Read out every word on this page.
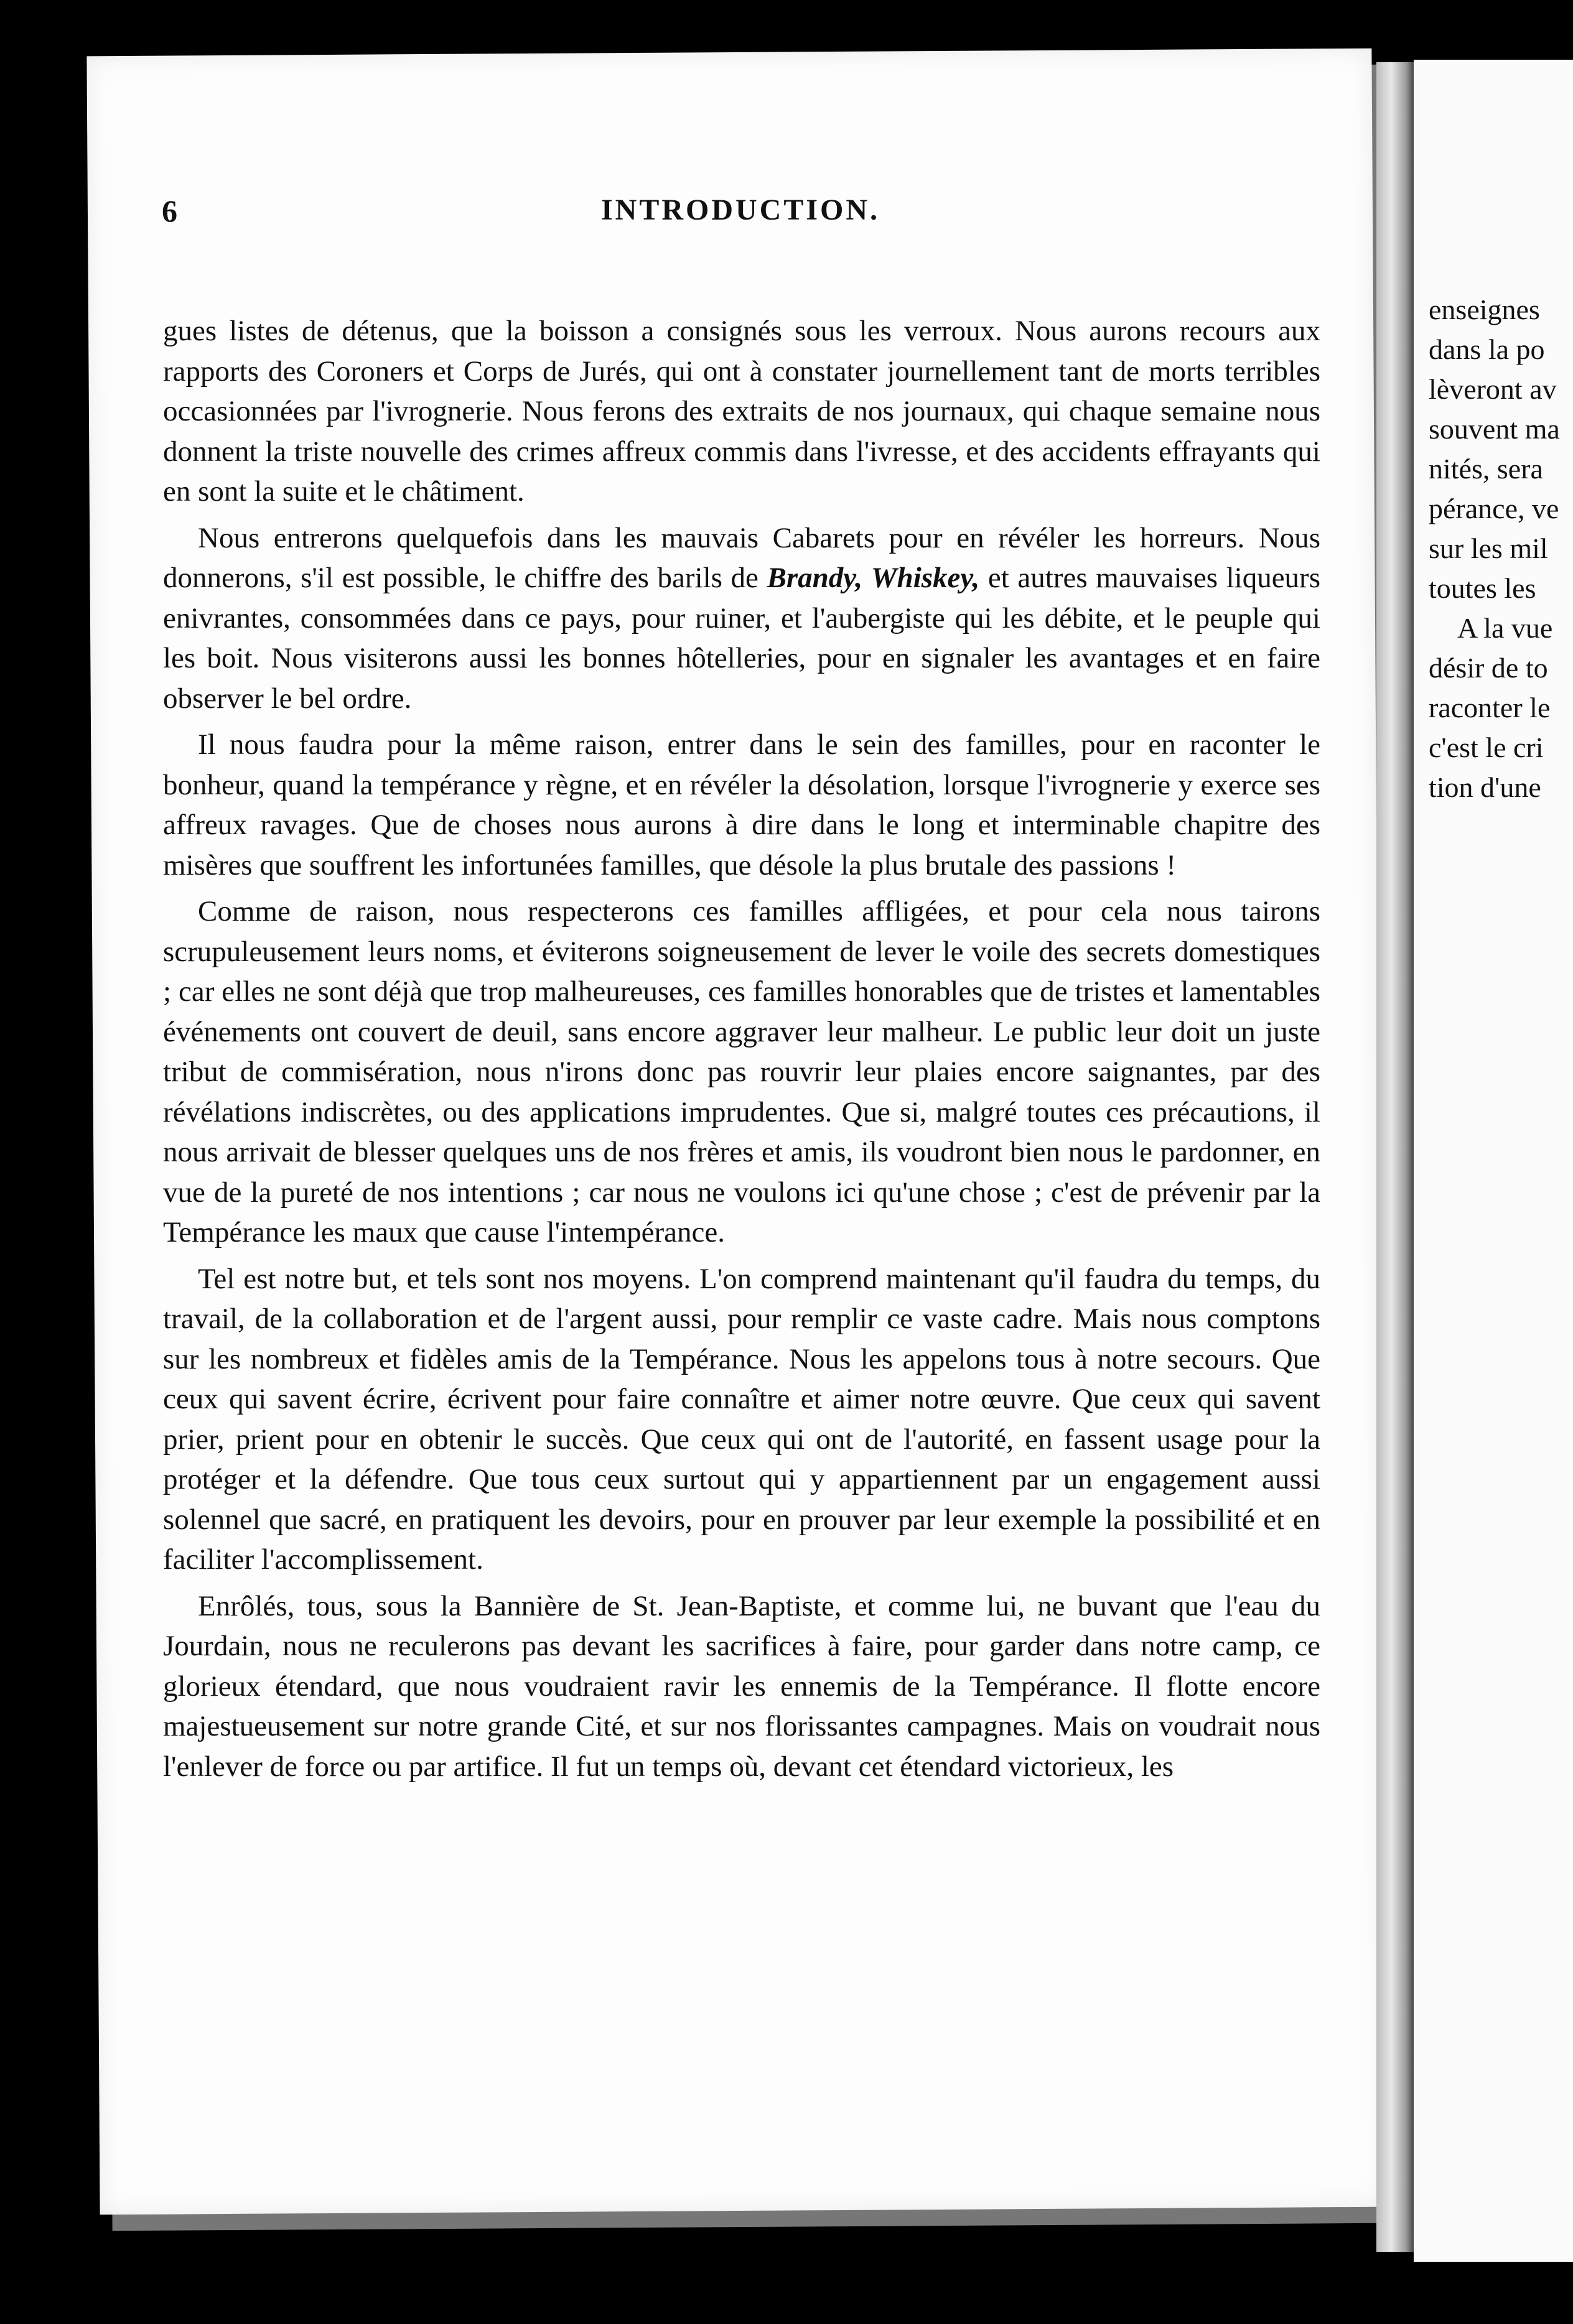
6	INTRODUCTION.

gues listes de détenus, que la boisson a consignés sous les verroux. Nous aurons recours aux rapports des Coroners et Corps de Jurés, qui ont à constater journellement tant de morts terribles occasionnées par l'ivrognerie. Nous ferons des extraits de nos journaux, qui chaque semaine nous donnent la triste nouvelle des crimes affreux commis dans l'ivresse, et des accidents effrayants qui en sont la suite et le châtiment.

Nous entrerons quelquefois dans les mauvais Cabarets pour en révéler les horreurs. Nous donnerons, s'il est possible, le chiffre des barils de Brandy, Whiskey, et autres mauvaises liqueurs enivrantes, consommées dans ce pays, pour ruiner, et l'aubergiste qui les débite, et le peuple qui les boit. Nous visiterons aussi les bonnes hôtelleries, pour en signaler les avantages et en faire observer le bel ordre.

Il nous faudra pour la même raison, entrer dans le sein des familles, pour en raconter le bonheur, quand la tempérance y règne, et en révéler la désolation, lorsque l'ivrognerie y exerce ses affreux ravages. Que de choses nous aurons à dire dans le long et interminable chapitre des misères que souffrent les infortunées familles, que désole la plus brutale des passions !

Comme de raison, nous respecterons ces familles affligées, et pour cela nous tairons scrupuleusement leurs noms, et éviterons soigneusement de lever le voile des secrets domestiques ; car elles ne sont déjà que trop malheureuses, ces familles honorables que de tristes et lamentables événements ont couvert de deuil, sans encore aggraver leur malheur. Le public leur doit un juste tribut de commisération, nous n'irons donc pas rouvrir leur plaies encore saignantes, par des révélations indiscrètes, ou des applications imprudentes. Que si, malgré toutes ces précautions, il nous arrivait de blesser quelques uns de nos frères et amis, ils voudront bien nous le pardonner, en vue de la pureté de nos intentions ; car nous ne voulons ici qu'une chose ; c'est de prévenir par la Tempérance les maux que cause l'intempérance.

Tel est notre but, et tels sont nos moyens. L'on comprend maintenant qu'il faudra du temps, du travail, de la collaboration et de l'argent aussi, pour remplir ce vaste cadre. Mais nous comptons sur les nombreux et fidèles amis de la Tempérance. Nous les appelons tous à notre secours. Que ceux qui savent écrire, écrivent pour faire connaître et aimer notre œuvre. Que ceux qui savent prier, prient pour en obtenir le succès. Que ceux qui ont de l'autorité, en fassent usage pour la protéger et la défendre. Que tous ceux surtout qui y appartiennent par un engagement aussi solennel que sacré, en pratiquent les devoirs, pour en prouver par leur exemple la possibilité et en faciliter l'accomplissement.

Enrôlés, tous, sous la Bannière de St. Jean-Baptiste, et comme lui, ne buvant que l'eau du Jourdain, nous ne reculerons pas devant les sacrifices à faire, pour garder dans notre camp, ce glorieux étendard, que nous voudraient ravir les ennemis de la Tempérance. Il flotte encore majestueusement sur notre grande Cité, et sur nos florissantes campagnes. Mais on voudrait nous l'enlever de force ou par artifice. Il fut un temps où, devant cet étendard victorieux, les

enseignes
dans la po
lèveront av
souvent ma
nités, sera
pérance, ve
sur les mil
toutes les
A la vue
désir de to
raconter le
c'est le cri
tion d'une
